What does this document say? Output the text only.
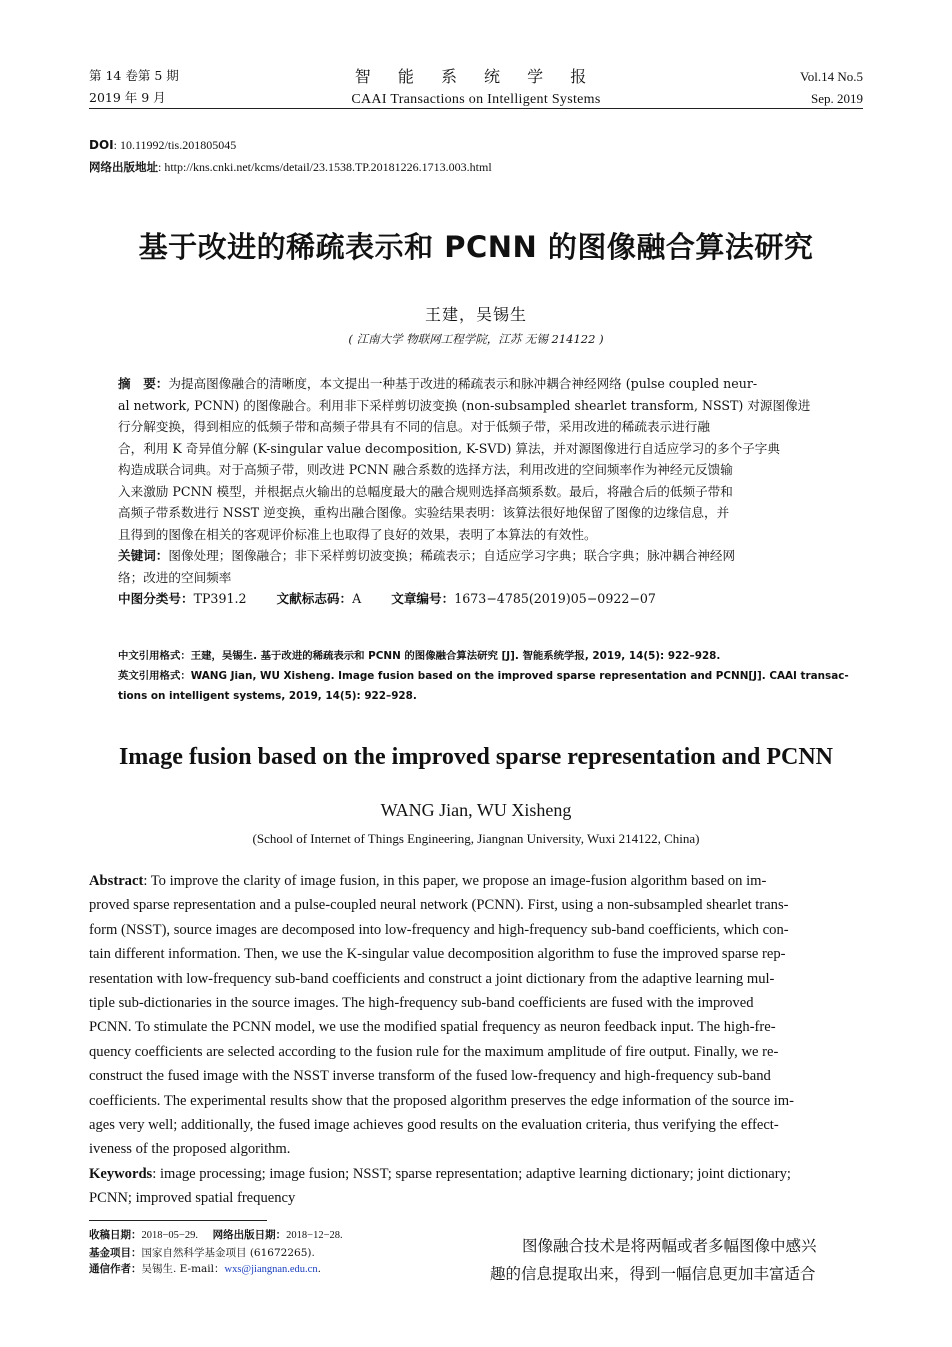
第 14 卷第 5 期
2019 年 9 月
智 能 系 统 学 报
CAAI Transactions on Intelligent Systems
Vol.14 No.5
Sep. 2019
DOI: 10.11992/tis.201805045
网络出版地址: http://kns.cnki.net/kcms/detail/23.1538.TP.20181226.1713.003.html
基于改进的稀疏表示和 PCNN 的图像融合算法研究
王建，吴锡生
( 江南大学 物联网工程学院，江苏 无锡 214122 )
摘　要：为提高图像融合的清晰度，本文提出一种基于改进的稀疏表示和脉冲耦合神经网络 (pulse coupled neur-
al network, PCNN) 的图像融合。利用非下采样剪切波变换 (non-subsampled shearlet transform, NSST) 对源图像进
行分解变换，得到相应的低频子带和高频子带具有不同的信息。对于低频子带，采用改进的稀疏表示进行融
合，利用 K 奇异值分解 (K-singular value decomposition, K-SVD) 算法，并对源图像进行自适应学习的多个子字典
构造成联合词典。对于高频子带，则改进 PCNN 融合系数的选择方法，利用改进的空间频率作为神经元反馈输
入来激励 PCNN 模型，并根据点火输出的总幅度最大的融合规则选择高频系数。最后，将融合后的低频子带和
高频子带系数进行 NSST 逆变换，重构出融合图像。实验结果表明：该算法很好地保留了图像的边缘信息，并
且得到的图像在相关的客观评价标准上也取得了良好的效果，表明了本算法的有效性。
关键词：图像处理；图像融合；非下采样剪切波变换；稀疏表示；自适应学习字典；联合字典；脉冲耦合神经网
络；改进的空间频率
中图分类号：TP391.2 文献标志码：A 文章编号：1673−4785(2019)05−0922−07
中文引用格式：王建，吴锡生. 基于改进的稀疏表示和 PCNN 的图像融合算法研究 [J]. 智能系统学报, 2019, 14(5): 922–928.
英文引用格式：WANG Jian, WU Xisheng. Image fusion based on the improved sparse representation and PCNN[J]. CAAI transac-
tions on intelligent systems, 2019, 14(5): 922–928.
Image fusion based on the improved sparse representation and PCNN
WANG Jian, WU Xisheng
(School of Internet of Things Engineering, Jiangnan University, Wuxi 214122, China)
Abstract: To improve the clarity of image fusion, in this paper, we propose an image-fusion algorithm based on im-
proved sparse representation and a pulse-coupled neural network (PCNN). First, using a non-subsampled shearlet trans-
form (NSST), source images are decomposed into low-frequency and high-frequency sub-band coefficients, which con-
tain different information. Then, we use the K-singular value decomposition algorithm to fuse the improved sparse rep-
resentation with low-frequency sub-band coefficients and construct a joint dictionary from the adaptive learning mul-
tiple sub-dictionaries in the source images. The high-frequency sub-band coefficients are fused with the improved
PCNN. To stimulate the PCNN model, we use the modified spatial frequency as neuron feedback input. The high-fre-
quency coefficients are selected according to the fusion rule for the maximum amplitude of fire output. Finally, we re-
construct the fused image with the NSST inverse transform of the fused low-frequency and high-frequency sub-band
coefficients. The experimental results show that the proposed algorithm preserves the edge information of the source im-
ages very well; additionally, the fused image achieves good results on the evaluation criteria, thus verifying the effect-
iveness of the proposed algorithm.
Keywords: image processing; image fusion; NSST; sparse representation; adaptive learning dictionary; joint dictionary;
PCNN; improved spatial frequency
收稿日期：2018−05−29. 网络出版日期：2018−12−28.
基金项目：国家自然科学基金项目 (61672265).
通信作者：吴锡生. E-mail：wxs@jiangnan.edu.cn.
图像融合技术是将两幅或者多幅图像中感兴
趣的信息提取出来，得到一幅信息更加丰富适合
